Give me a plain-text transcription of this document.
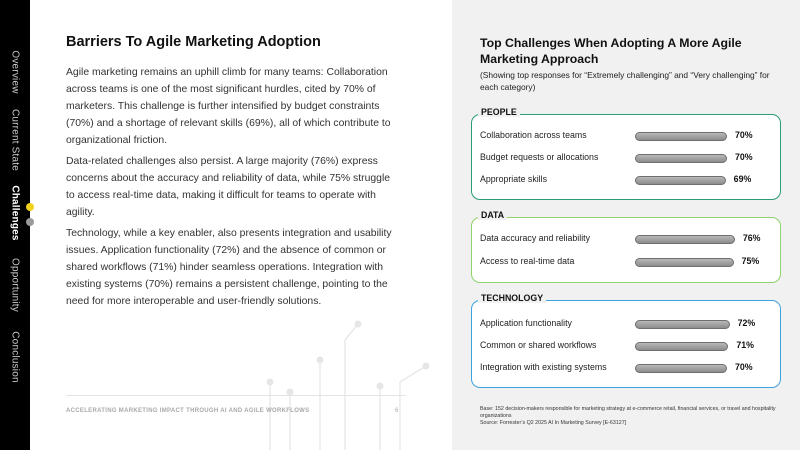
Overview
Current State
Challenges
Opportunity
Conclusion
Barriers To Agile Marketing Adoption

Agile marketing remains an uphill climb for many teams: Collaboration across teams is one of the most significant hurdles, cited by 70% of marketers. This challenge is further intensified by budget constraints (70%) and a shortage of relevant skills (69%), all of which contribute to organizational friction.

Data-related challenges also persist. A large majority (76%) express concerns about the accuracy and reliability of data, while 75% struggle to access real-time data, making it difficult for teams to operate with agility.

Technology, while a key enabler, also presents integration and usability issues. Application functionality (72%) and the absence of common or shared workflows (71%) hinder seamless operations. Integration with existing systems (70%) remains a persistent challenge, pointing to the need for more interoperable and user-friendly solutions.

ACCELERATING MARKETING IMPACT THROUGH AI AND AGILE WORKFLOWS	6
Top Challenges When Adopting A More Agile Marketing Approach
(Showing top responses for “Extremely challenging” and “Very challenging” for each category)
PEOPLE
Collaboration across teams	70%
Budget requests or allocations	70%
Appropriate skills	69%
DATA
Data accuracy and reliability	76%
Access to real-time data	75%
TECHNOLOGY
Application functionality	72%
Common or shared workflows	71%
Integration with existing systems	70%
Base: 152 decision-makers responsible for marketing strategy at e-commerce retail, financial services, or travel and hospitality organizations
Source: Forrester’s Q2 2025 AI In Marketing Survey [E-63127]
